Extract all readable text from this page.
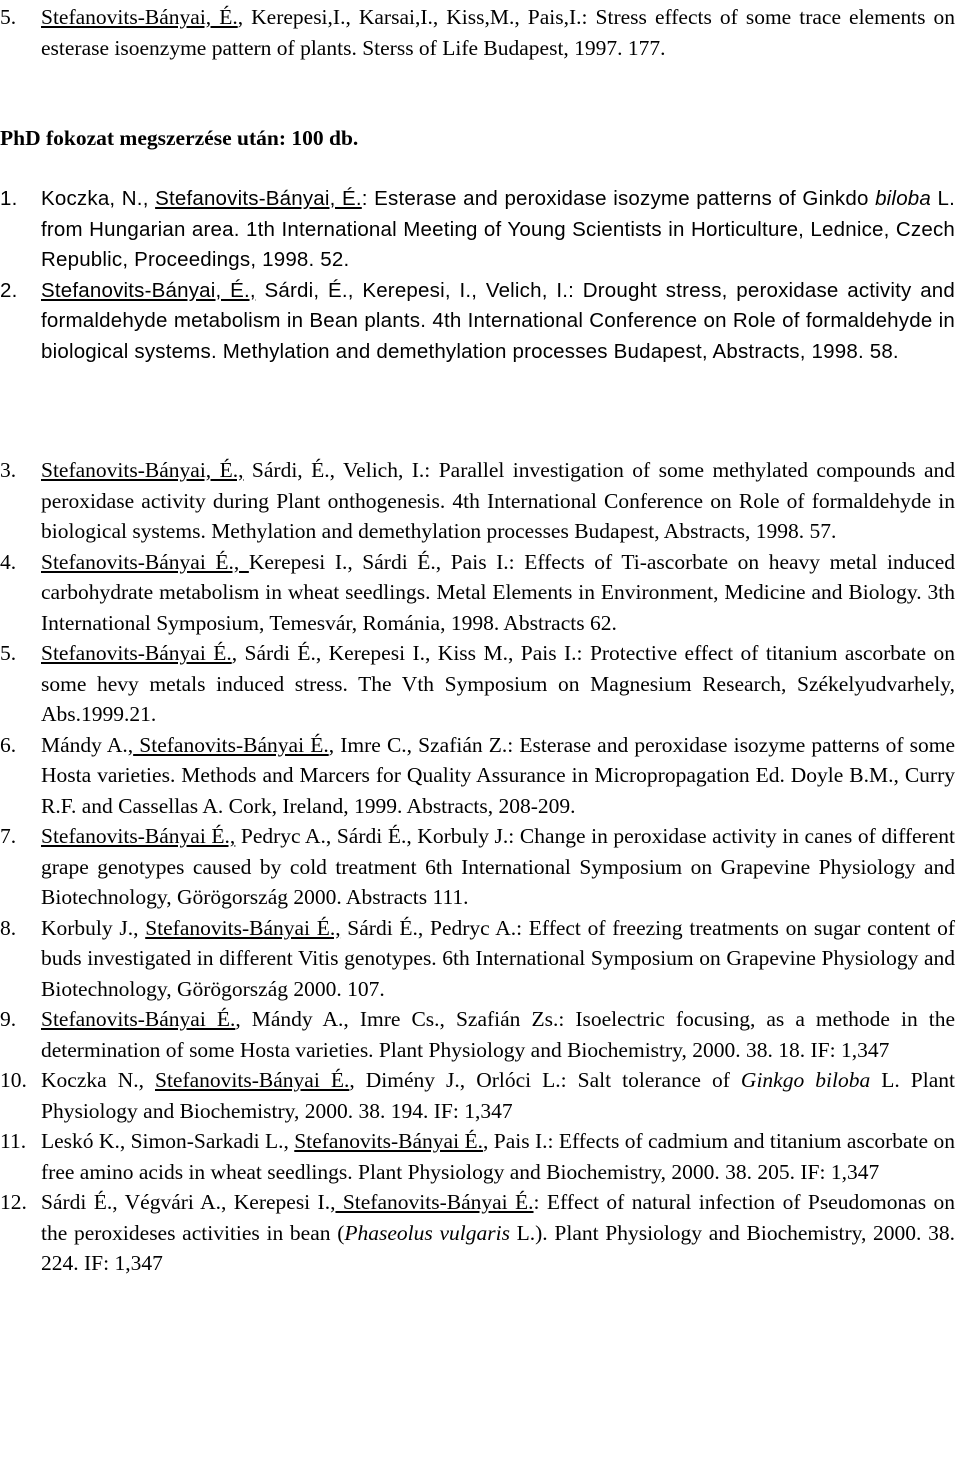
5.	Stefanovits-Bányai, É., Kerepesi,I., Karsai,I., Kiss,M., Pais,I.: Stress effects of some trace elements on esterase isoenzyme pattern of plants. Sterss of Life Budapest, 1997. 177.
PhD fokozat megszerzése után: 100 db.
1.	Koczka, N., Stefanovits-Bányai, É.: Esterase and peroxidase isozyme patterns of Ginkdo biloba L. from Hungarian area. 1th International Meeting of Young Scientists in Horticulture, Lednice, Czech Republic, Proceedings, 1998. 52.
2.	Stefanovits-Bányai, É., Sárdi, É., Kerepesi, I., Velich, I.: Drought stress, peroxidase activity and formaldehyde metabolism in Bean plants. 4th International Conference on Role of formaldehyde in biological systems. Methylation and demethylation processes Budapest, Abstracts, 1998. 58.
3.	Stefanovits-Bányai, É., Sárdi, É., Velich, I.: Parallel investigation of some methylated compounds and peroxidase activity during Plant onthogenesis. 4th International Conference on Role of formaldehyde in biological systems. Methylation and demethylation processes Budapest, Abstracts, 1998. 57.
4.	Stefanovits-Bányai É., Kerepesi I., Sárdi É., Pais I.: Effects of Ti-ascorbate on heavy metal induced carbohydrate metabolism in wheat seedlings. Metal Elements in Environment, Medicine and Biology. 3th International Symposium, Temesvár, Románia, 1998. Abstracts 62.
5.	Stefanovits-Bányai É., Sárdi É., Kerepesi I., Kiss M., Pais I.: Protective effect of titanium ascorbate on some hevy metals induced stress. The Vth Symposium on Magnesium Research, Székelyudvarhely, Abs.1999.21.
6.	Mándy A., Stefanovits-Bányai É., Imre C., Szafián Z.: Esterase and peroxidase isozyme patterns of some Hosta varieties. Methods and Marcers for Quality Assurance in Micropropagation Ed. Doyle B.M., Curry R.F. and Cassellas A. Cork, Ireland, 1999. Abstracts, 208-209.
7.	Stefanovits-Bányai É., Pedryc A., Sárdi É., Korbuly J.: Change in peroxidase activity in canes of different grape genotypes caused by cold treatment 6th International Symposium on Grapevine Physiology and Biotechnology, Görögország 2000. Abstracts 111.
8.	Korbuly J., Stefanovits-Bányai É., Sárdi É., Pedryc A.: Effect of freezing treatments on sugar content of buds investigated in different Vitis genotypes. 6th International Symposium on Grapevine Physiology and Biotechnology, Görögország 2000. 107.
9.	Stefanovits-Bányai É., Mándy A., Imre Cs., Szafián Zs.: Isoelectric focusing, as a methode in the determination of some Hosta varieties. Plant Physiology and Biochemistry, 2000. 38. 18. IF: 1,347
10. Koczka N., Stefanovits-Bányai É., Dimény J., Orlóci L.: Salt tolerance of Ginkgo biloba L. Plant Physiology and Biochemistry, 2000. 38. 194. IF: 1,347
11. Leskó K., Simon-Sarkadi L., Stefanovits-Bányai É., Pais I.: Effects of cadmium and titanium ascorbate on free amino acids in wheat seedlings. Plant Physiology and Biochemistry, 2000. 38. 205. IF: 1,347
12. Sárdi É., Végvári A., Kerepesi I., Stefanovits-Bányai É.: Effect of natural infection of Pseudomonas on the peroxideses activities in bean (Phaseolus vulgaris L.). Plant Physiology and Biochemistry, 2000. 38. 224. IF: 1,347
